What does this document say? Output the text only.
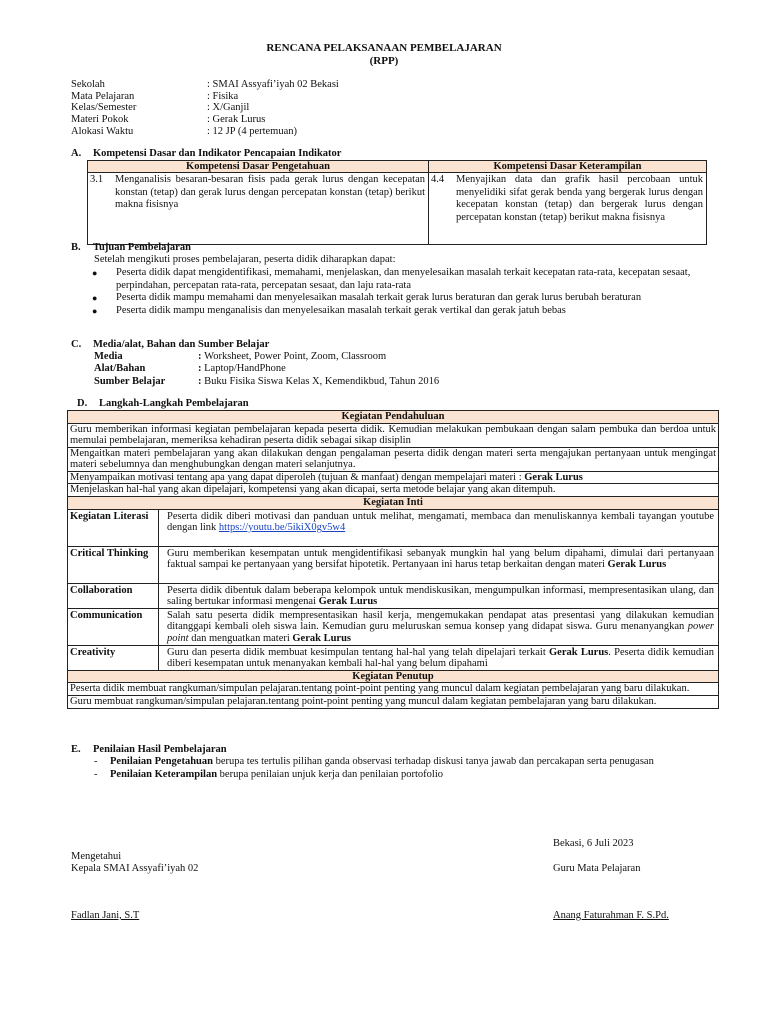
RENCANA PELAKSANAAN PEMBELAJARAN
(RPP)
Sekolah	: SMAI Assyafi’iyah 02 Bekasi
Mata Pelajaran	: Fisika
Kelas/Semester	: X/Ganjil
Materi Pokok	: Gerak Lurus
Alokasi Waktu	: 12 JP (4 pertemuan)
A. Kompetensi Dasar dan Indikator Pencapaian Indikator
Kompetensi Dasar Pengetahuan	Kompetensi Dasar Keterampilan

3.1 Menganalisis besaran-besaran fisis pada gerak lurus dengan kecepatan konstan (tetap) dan gerak lurus dengan percepatan konstan (tetap) berikut makna fisisnya	4.4 Menyajikan data dan grafik hasil percobaan untuk menyelidiki sifat gerak benda yang bergerak lurus dengan kecepatan konstan (tetap) dan bergerak lurus dengan percepatan konstan (tetap) berikut makna fisisnya
B. Tujuan Pembelajaran
Setelah mengikuti proses pembelajaran, peserta didik diharapkan dapat:
●	Peserta didik dapat mengidentifikasi, memahami, menjelaskan, dan menyelesaikan masalah terkait kecepatan rata-rata, kecepatan sesaat, perpindahan, percepatan rata-rata, percepatan sesaat, dan laju rata-rata
●	Peserta didik mampu memahami dan menyelesaikan masalah terkait gerak lurus beraturan dan gerak lurus berubah beraturan
●	Peserta didik mampu menganalisis dan menyelesaikan masalah terkait gerak vertikal dan gerak jatuh bebas
C. Media/alat, Bahan dan Sumber Belajar
Media	: Worksheet, Power Point, Zoom, Classroom
Alat/Bahan	: Laptop/HandPhone
Sumber Belajar	: Buku Fisika Siswa Kelas X, Kemendikbud, Tahun 2016
D. Langkah-Langkah Pembelajaran
Kegiatan Pendahuluan	
Guru memberikan informasi kegiatan pembelajaran kepada peserta didik. Kemudian melakukan pembukaan dengan salam pembuka dan berdoa untuk memulai pembelajaran, memeriksa kehadiran peserta didik sebagai sikap disiplin	
Mengaitkan materi pembelajaran yang akan dilakukan dengan pengalaman peserta didik dengan materi serta mengajukan pertanyaan untuk mengingat materi sebelumnya dan menghubungkan dengan materi selanjutnya.	
Menyampaikan motivasi tentang apa yang dapat diperoleh (tujuan & manfaat) dengan mempelajari materi : Gerak Lurus	
Menjelaskan hal-hal yang akan dipelajari, kompetensi yang akan dicapai, serta metode belajar yang akan ditempuh.	
Kegiatan Inti	
Kegiatan Literasi	Peserta didik diberi motivasi dan panduan untuk melihat, mengamati, membaca dan menuliskannya kembali tayangan youtube dengan link https://youtu.be/5ikiX0gv5w4
Critical Thinking	Guru memberikan kesempatan untuk mengidentifikasi sebanyak mungkin hal yang belum dipahami, dimulai dari pertanyaan faktual sampai ke pertanyaan yang bersifat hipotetik. Pertanyaan ini harus tetap berkaitan dengan materi Gerak Lurus
Collaboration	Peserta didik dibentuk dalam beberapa kelompok untuk mendiskusikan, mengumpulkan informasi, mempresentasikan ulang, dan saling bertukar informasi mengenai Gerak Lurus
Communication	Salah satu peserta didik mempresentasikan hasil kerja, mengemukakan pendapat atas presentasi yang dilakukan kemudian ditanggapi kembali oleh siswa lain. Kemudian guru meluruskan semua konsep yang didapat siswa. Guru menanyangkan power point dan menguatkan materi Gerak Lurus
Creativity	Guru dan peserta didik membuat kesimpulan tentang hal-hal yang telah dipelajari terkait Gerak Lurus. Peserta didik kemudian diberi kesempatan untuk menanyakan kembali hal-hal yang belum dipahami
Kegiatan Penutup	
Peserta didik membuat rangkuman/simpulan pelajaran.tentang point-point penting yang muncul dalam kegiatan pembelajaran yang baru dilakukan.	
Guru membuat rangkuman/simpulan pelajaran.tentang point-point penting yang muncul dalam kegiatan pembelajaran yang baru dilakukan.	
E. Penilaian Hasil Pembelajaran
-	Penilaian Pengetahuan berupa tes tertulis pilihan ganda observasi terhadap diskusi tanya jawab dan percakapan serta penugasan
-	Penilaian Keterampilan berupa penilaian unjuk kerja dan penilaian portofolio
Bekasi, 6 Juli 2023
Mengetahui
Kepala SMAI Assyafi’iyah 02	Guru Mata Pelajaran
Fadlan Jani, S.T	Anang Faturahman F. S.Pd.
